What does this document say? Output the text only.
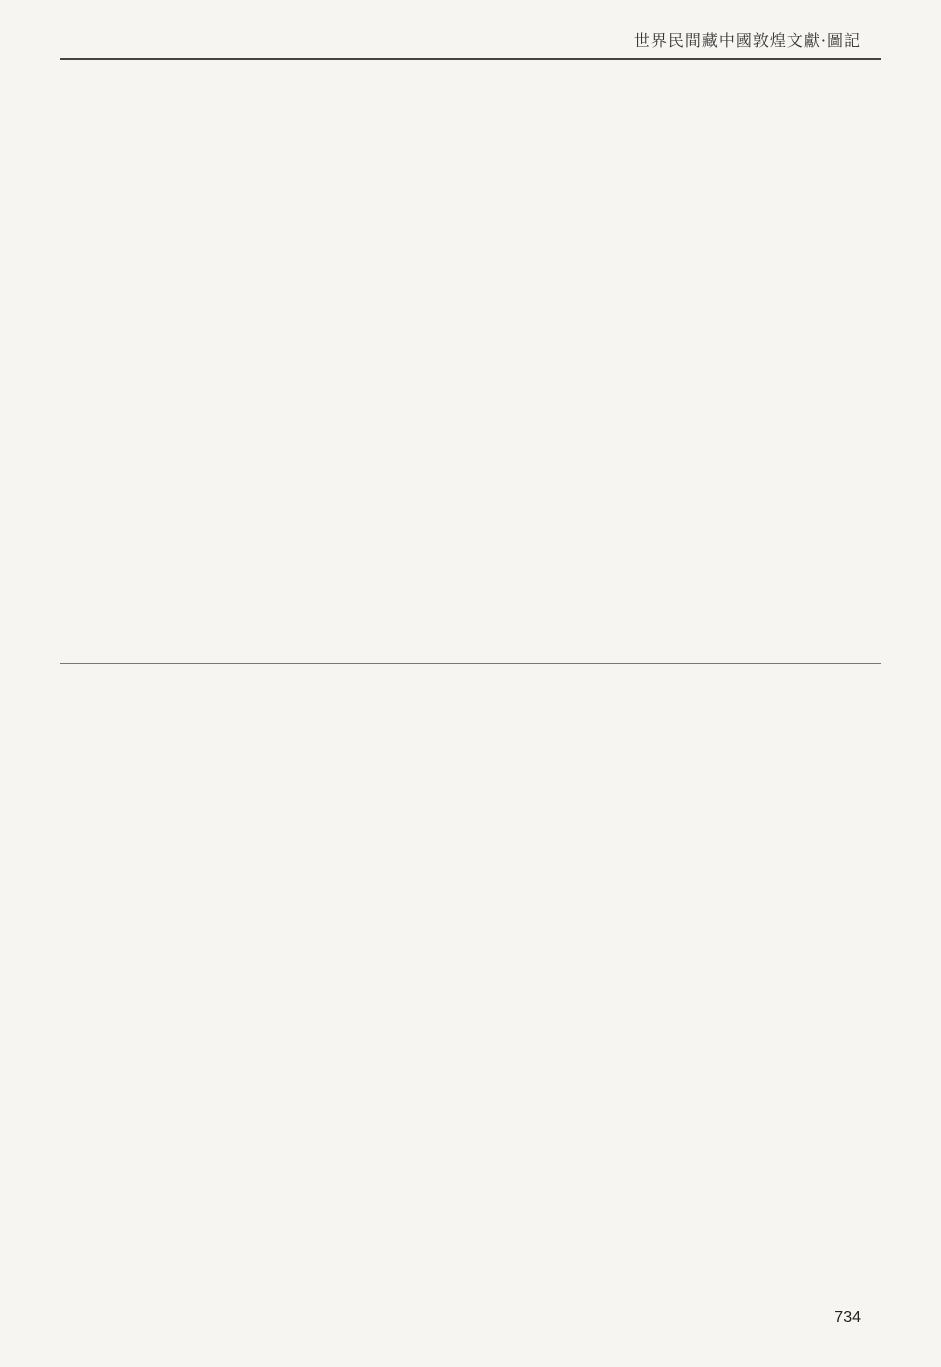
世界民間藏中國敦煌文獻·圖記
734
